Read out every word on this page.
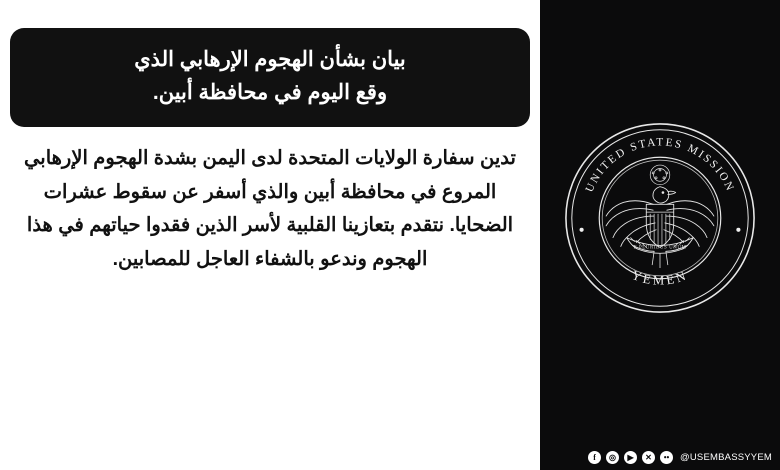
بيان بشأن الهجوم الإرهابي الذي
وقع اليوم في محافظة أبين.
تدين سفارة الولايات المتحدة لدى اليمن بشدة الهجوم الإرهابي المروع في محافظة أبين والذي أسفر عن سقوط عشرات الضحايا. نتقدم بتعازينا القلبية لأسر الذين فقدوا حياتهم في هذا الهجوم وندعو بالشفاء العاجل للمصابين.
UNITED STATES MISSION
YEMEN
E PLURIBUS UNUM
f	◎	▶	✕	••	@USEMBASSYYEM
